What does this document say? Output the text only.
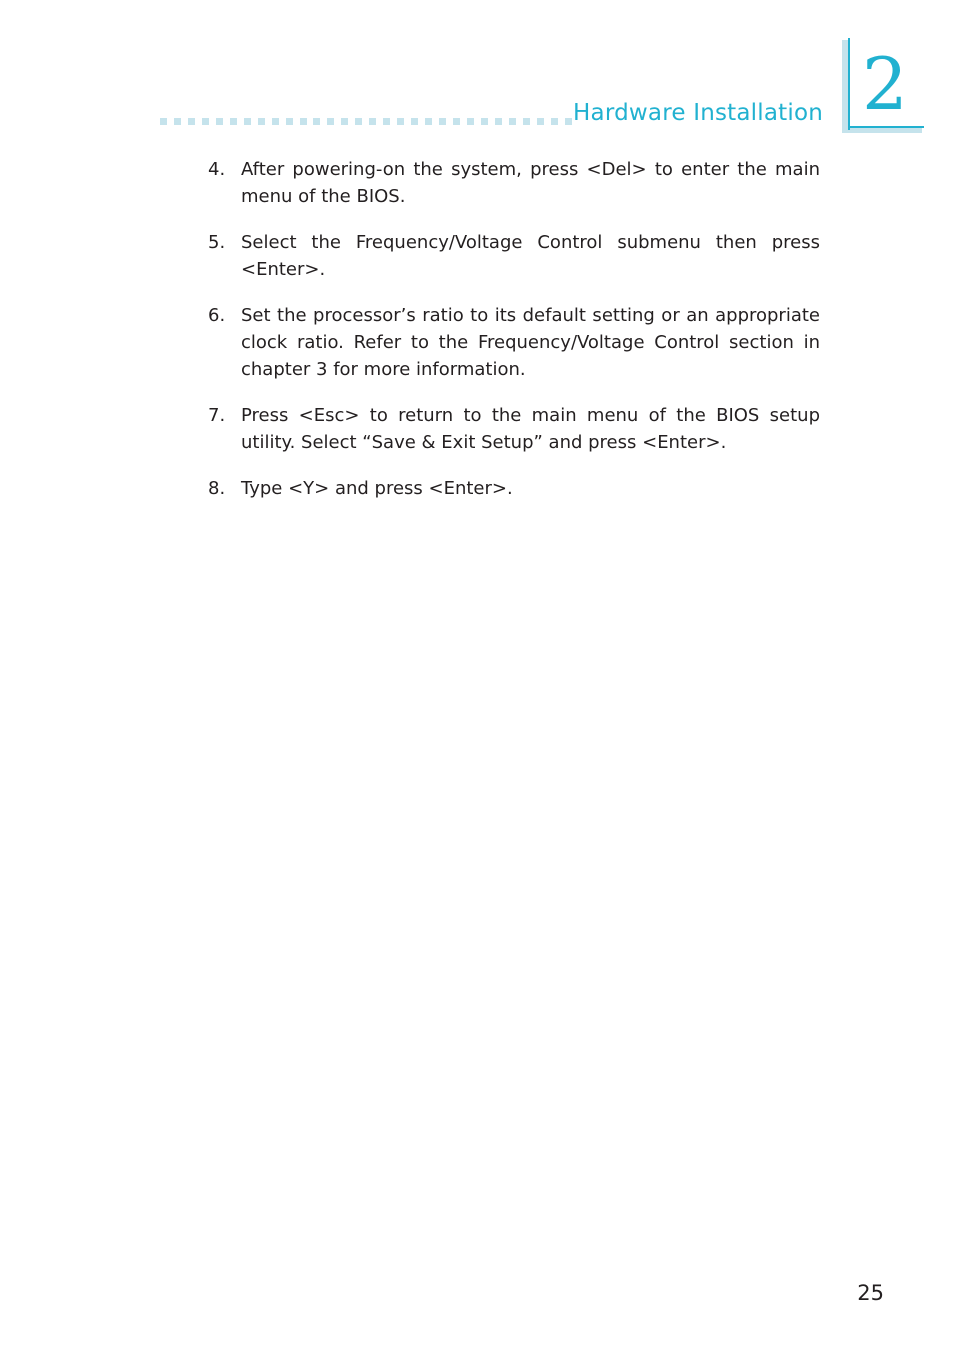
Hardware Installation 2
4. After powering-on the system, press <Del> to enter the main menu of the BIOS.
5. Select the Frequency/Voltage Control submenu then press <Enter>.
6. Set the processor’s ratio to its default setting or an appropriate clock ratio. Refer to the Frequency/Voltage Control section in chapter 3 for more information.
7. Press <Esc> to return to the main menu of the BIOS setup utility. Select “Save & Exit Setup” and press <Enter>.
8. Type <Y> and press <Enter>.
25
